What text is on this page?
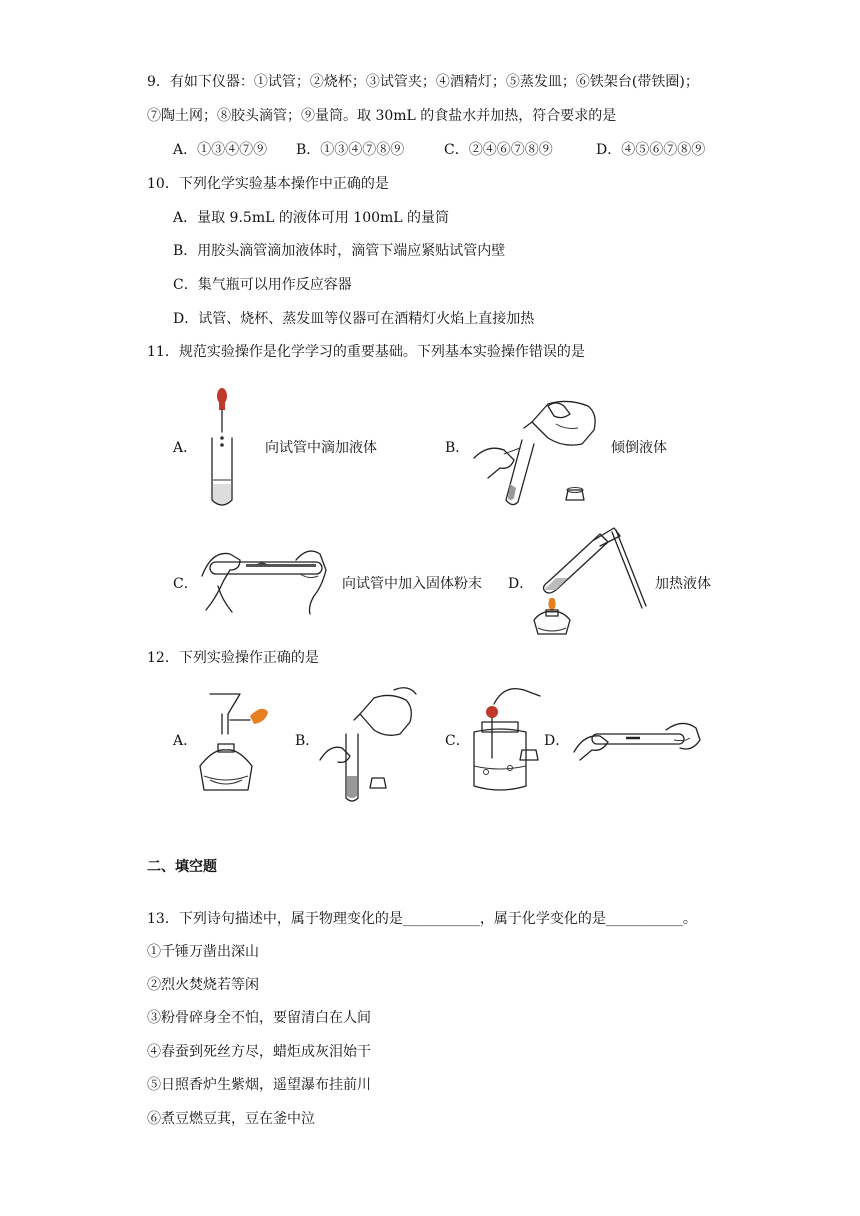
9．有如下仪器：①试管；②烧杯；③试管夹；④酒精灯；⑤蒸发皿；⑥铁架台(带铁圈)；
⑦陶土网；⑧胶头滴管；⑨量筒。取 30mL 的食盐水并加热，符合要求的是
A．①③④⑦⑨ B．①③④⑦⑧⑨	C．②④⑥⑦⑧⑨	D．④⑤⑥⑦⑧⑨
10．下列化学实验基本操作中正确的是
A．量取 9.5mL 的液体可用 100mL 的量筒
B．用胶头滴管滴加液体时，滴管下端应紧贴试管内壁
C．集气瓶可以用作反应容器
D．试管、烧杯、蒸发皿等仪器可在酒精灯火焰上直接加热
11．规范实验操作是化学学习的重要基础。下列基本实验操作错误的是
A．	向试管中滴加液体	B．	倾倒液体
C．	向试管中加入固体粉末 D．	加热液体
12．下列实验操作正确的是
A．	B．	C．	D．
二、填空题
13．下列诗句描述中，属于物理变化的是___________，属于化学变化的是___________。
①千锤万凿出深山
②烈火焚烧若等闲
③粉骨碎身全不怕，要留清白在人间
④春蚕到死丝方尽，蜡炬成灰泪始干
⑤日照香炉生紫烟，遥望瀑布挂前川
⑥煮豆燃豆萁，豆在釜中泣
